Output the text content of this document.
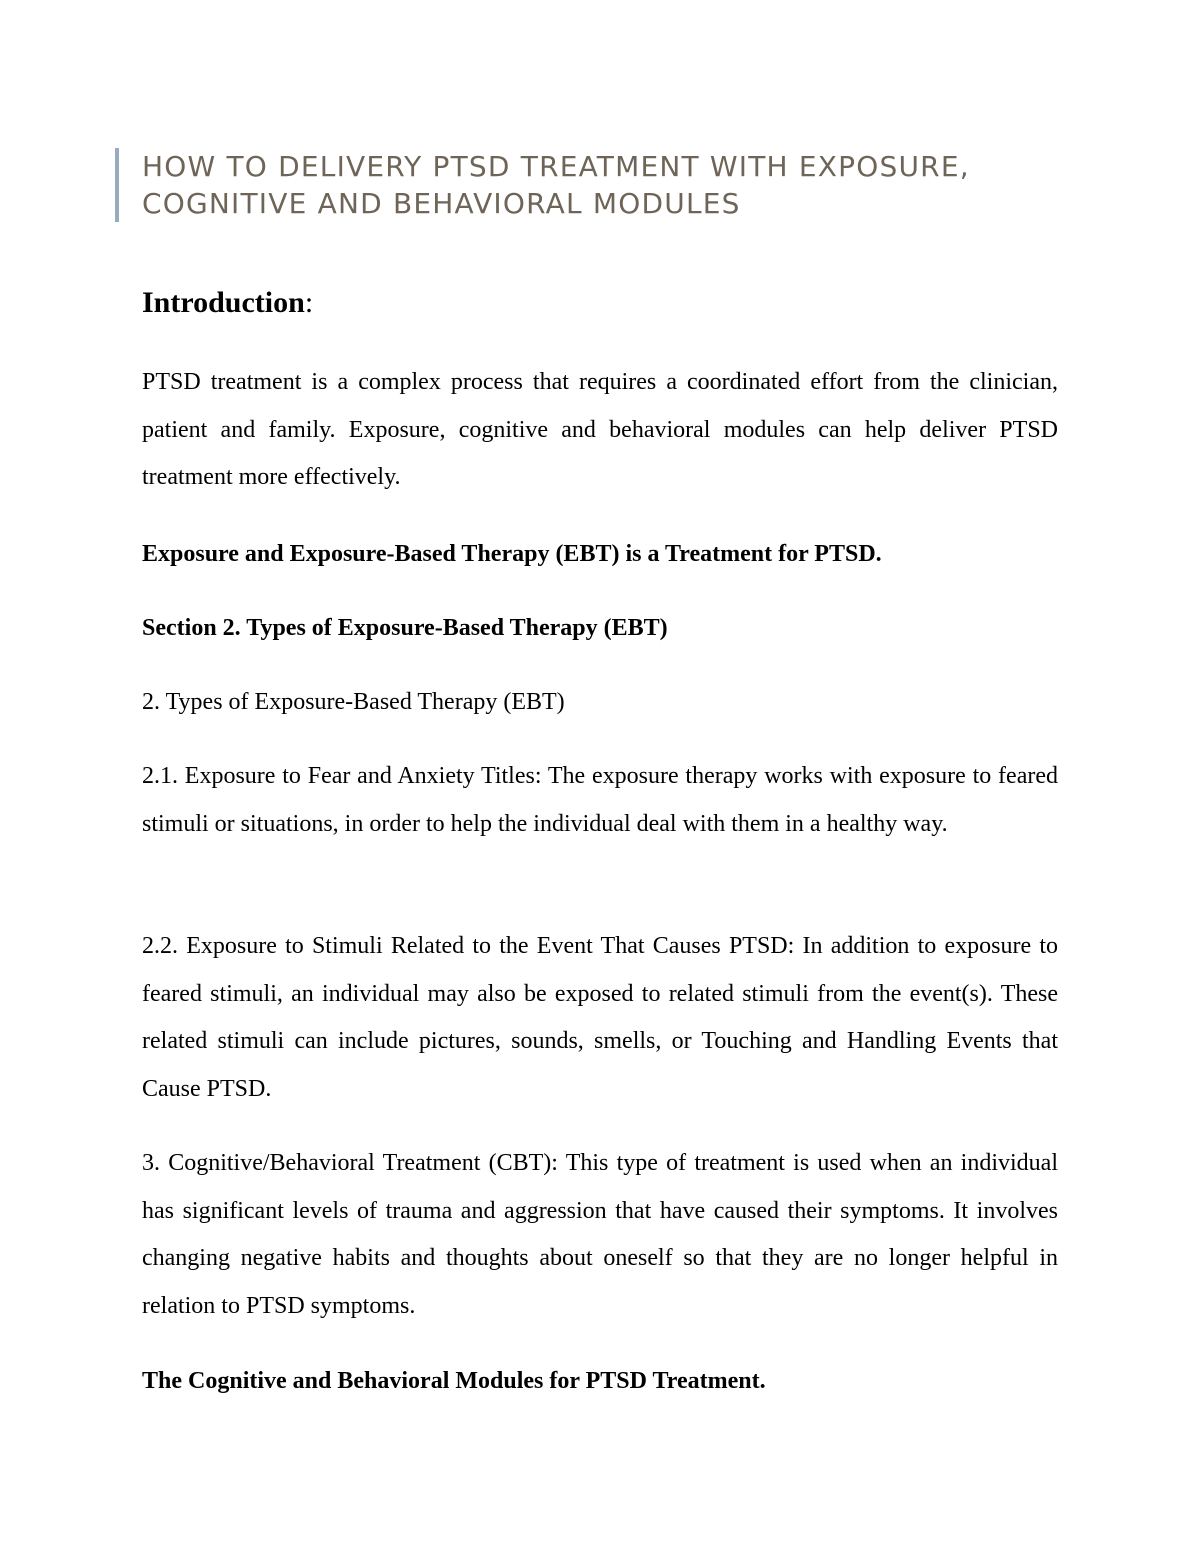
HOW TO DELIVERY PTSD TREATMENT WITH EXPOSURE,
COGNITIVE AND BEHAVIORAL MODULES
Introduction:
PTSD treatment is a complex process that requires a coordinated effort from the clinician, patient and family. Exposure, cognitive and behavioral modules can help deliver PTSD treatment more effectively.
Exposure and Exposure-Based Therapy (EBT) is a Treatment for PTSD.
Section 2. Types of Exposure-Based Therapy (EBT)
2. Types of Exposure-Based Therapy (EBT)
2.1. Exposure to Fear and Anxiety Titles: The exposure therapy works with exposure to feared stimuli or situations, in order to help the individual deal with them in a healthy way.
2.2. Exposure to Stimuli Related to the Event That Causes PTSD: In addition to exposure to feared stimuli, an individual may also be exposed to related stimuli from the event(s). These related stimuli can include pictures, sounds, smells, or Touching and Handling Events that Cause PTSD.
3. Cognitive/Behavioral Treatment (CBT): This type of treatment is used when an individual has significant levels of trauma and aggression that have caused their symptoms. It involves changing negative habits and thoughts about oneself so that they are no longer helpful in relation to PTSD symptoms.
The Cognitive and Behavioral Modules for PTSD Treatment.
